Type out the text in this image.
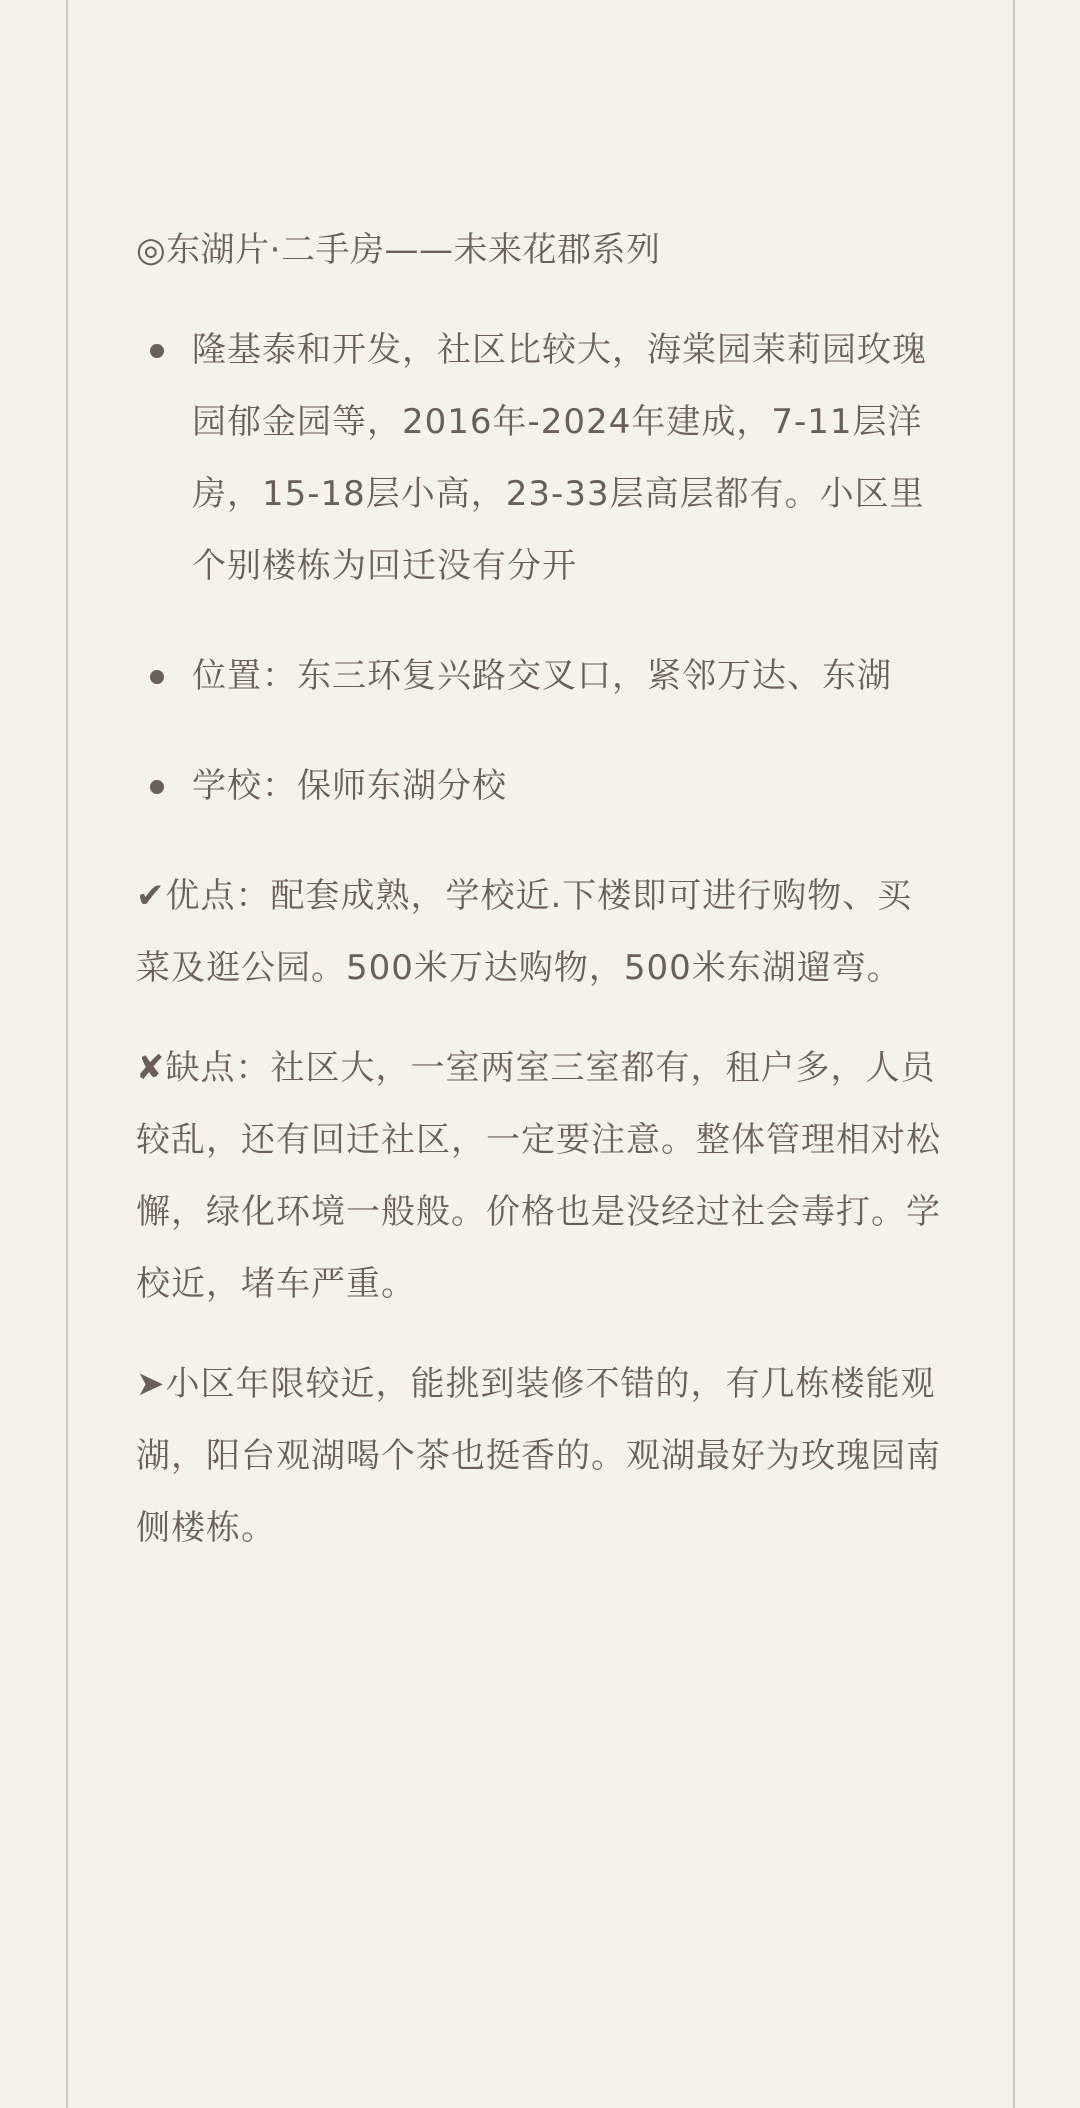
◎东湖片·二手房——未来花郡系列
隆基泰和开发，社区比较大，海棠园茉莉园玫瑰园郁金园等，2016年-2024年建成，7-11层洋房，15-18层小高，23-33层高层都有。小区里个别楼栋为回迁没有分开
位置：东三环复兴路交叉口，紧邻万达、东湖
学校：保师东湖分校

✔优点：配套成熟，学校近.下楼即可进行购物、买菜及逛公园。500米万达购物，500米东湖遛弯。

✘缺点：社区大，一室两室三室都有，租户多，人员较乱，还有回迁社区，一定要注意。整体管理相对松懈，绿化环境一般般。价格也是没经过社会毒打。学校近，堵车严重。

➤小区年限较近，能挑到装修不错的，有几栋楼能观湖，阳台观湖喝个茶也挺香的。观湖最好为玫瑰园南侧楼栋。
